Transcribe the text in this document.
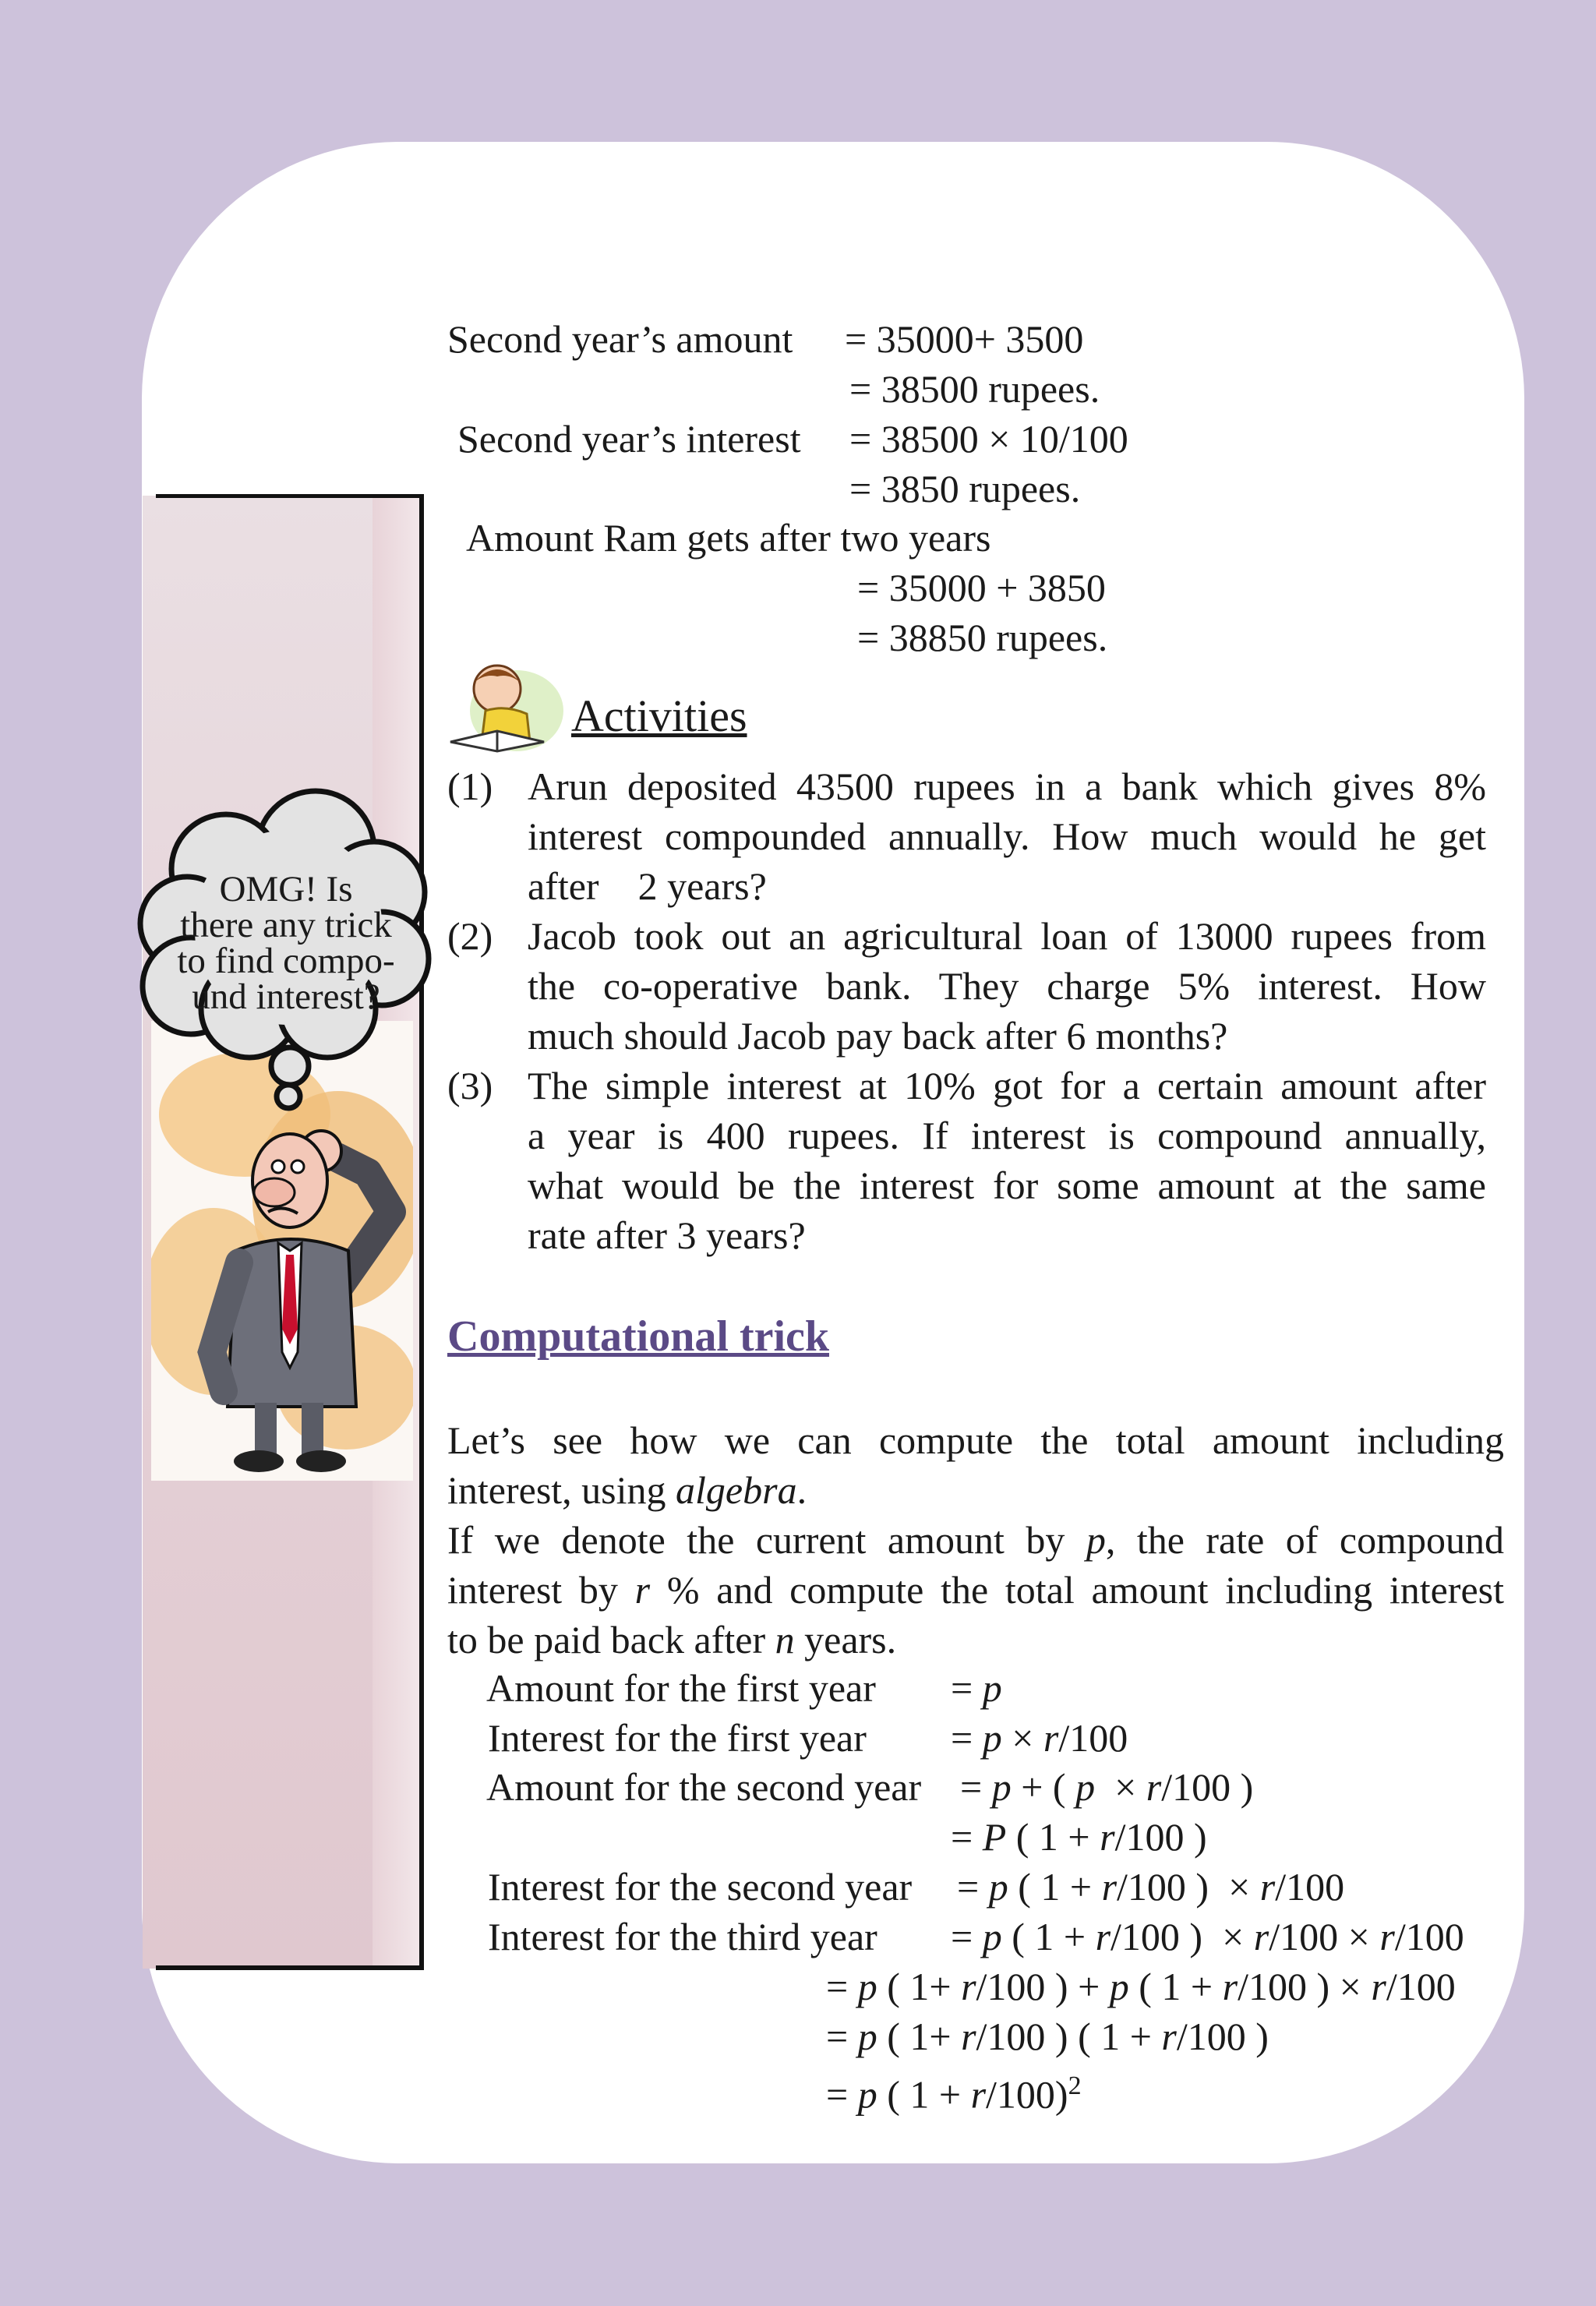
OMG! Is
there any trick
to find compo-
und interest?
Second year’s amount = 35000+ 3500
= 38500 rupees.
Second year’s interest = 38500 × 10/100
= 3850 rupees.
Amount Ram gets after two years
= 35000 + 3850
= 38850 rupees.
Activities
(1) Arun deposited 43500 rupees in a bank which gives 8%
interest compounded annually. How much would he get
after    2 years?
(2) Jacob took out an agricultural loan of 13000 rupees from
the co-operative bank. They charge 5% interest. How
much should Jacob pay back after 6 months?
(3) The simple interest at 10% got for a certain amount after
a year is 400 rupees. If interest is compound annually,
what would be the interest for some amount at the same
rate after 3 years?
Computational trick
Let’s see how we can compute the total amount including
interest, using algebra.
If we denote the current amount by p, the rate of compound
interest by r % and compute the total amount including interest
to be paid back after n years.
Amount for the first year = p
Interest for the first year = p × r/100
Amount for the second year = p + ( p  × r/100 )
= P ( 1 + r/100 )
Interest for the second year = p ( 1 + r/100 )  × r/100
Interest for the third year = p ( 1 + r/100 )  × r/100 × r/100
= p ( 1+ r/100 ) + p ( 1 + r/100 ) × r/100
= p ( 1+ r/100 ) ( 1 + r/100 )
= p ( 1 + r/100)$^2$
